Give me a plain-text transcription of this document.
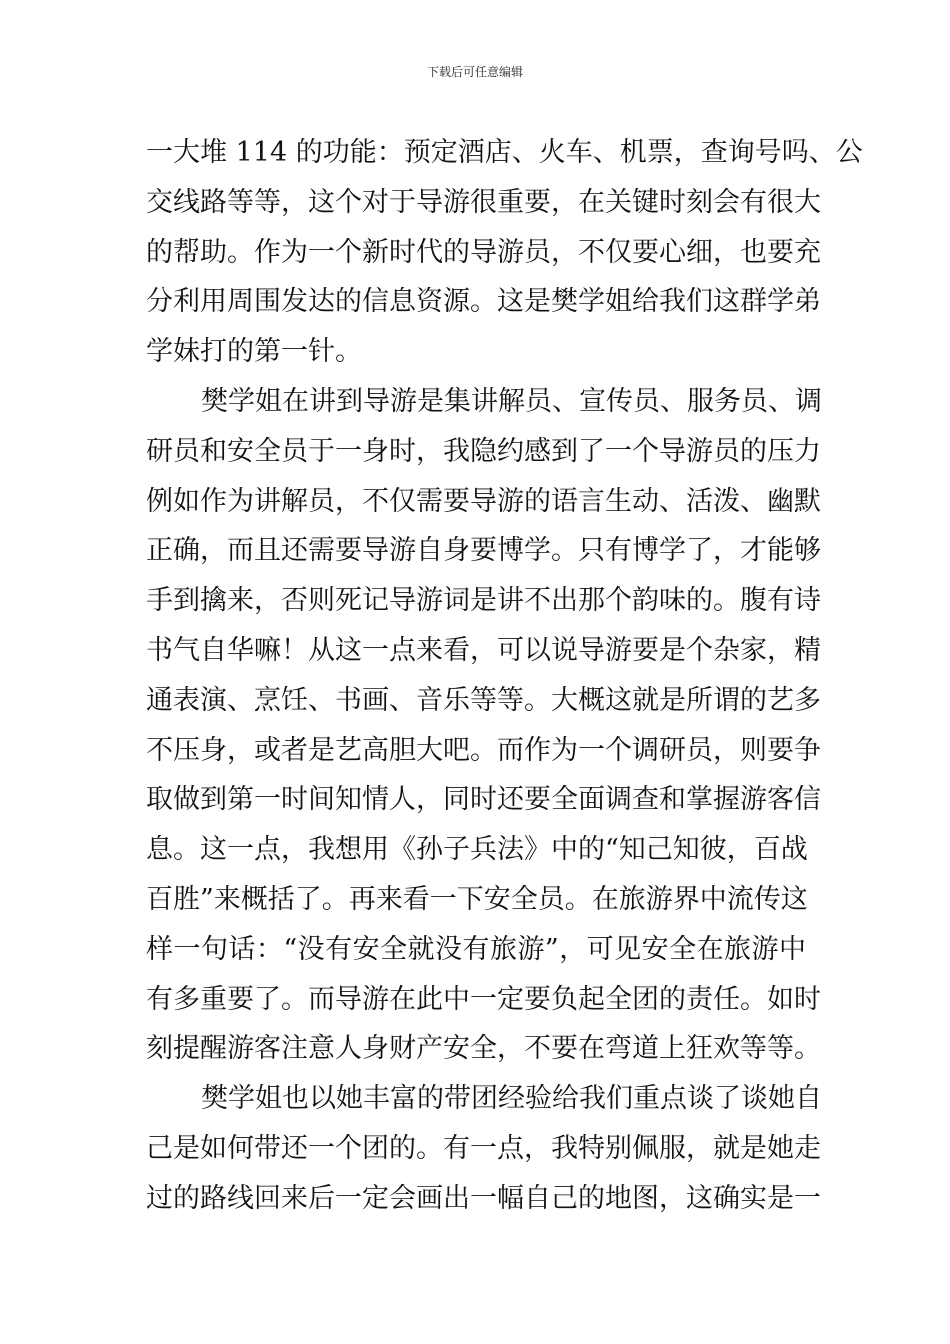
下载后可任意编辑
一大堆 114 的功能：预定酒店、火车、机票，查询号吗、公
交线路等等，这个对于导游很重要，在关键时刻会有很大
的帮助。作为一个新时代的导游员，不仅要心细，也要充
分利用周围发达的信息资源。这是樊学姐给我们这群学弟
学妹打的第一针。
樊学姐在讲到导游是集讲解员、宣传员、服务员、调
研员和安全员于一身时，我隐约感到了一个导游员的压力
例如作为讲解员，不仅需要导游的语言生动、活泼、幽默
正确，而且还需要导游自身要博学。只有博学了，才能够
手到擒来，否则死记导游词是讲不出那个韵味的。腹有诗
书气自华嘛！从这一点来看，可以说导游要是个杂家，精
通表演、烹饪、书画、音乐等等。大概这就是所谓的艺多
不压身，或者是艺高胆大吧。而作为一个调研员，则要争
取做到第一时间知情人，同时还要全面调查和掌握游客信
息。这一点，我想用《孙子兵法》中的“知己知彼，百战
百胜”来概括了。再来看一下安全员。在旅游界中流传这
样一句话：“没有安全就没有旅游”，可见安全在旅游中
有多重要了。而导游在此中一定要负起全团的责任。如时
刻提醒游客注意人身财产安全，不要在弯道上狂欢等等。
樊学姐也以她丰富的带团经验给我们重点谈了谈她自
己是如何带还一个团的。有一点，我特别佩服，就是她走
过的路线回来后一定会画出一幅自己的地图，这确实是一
